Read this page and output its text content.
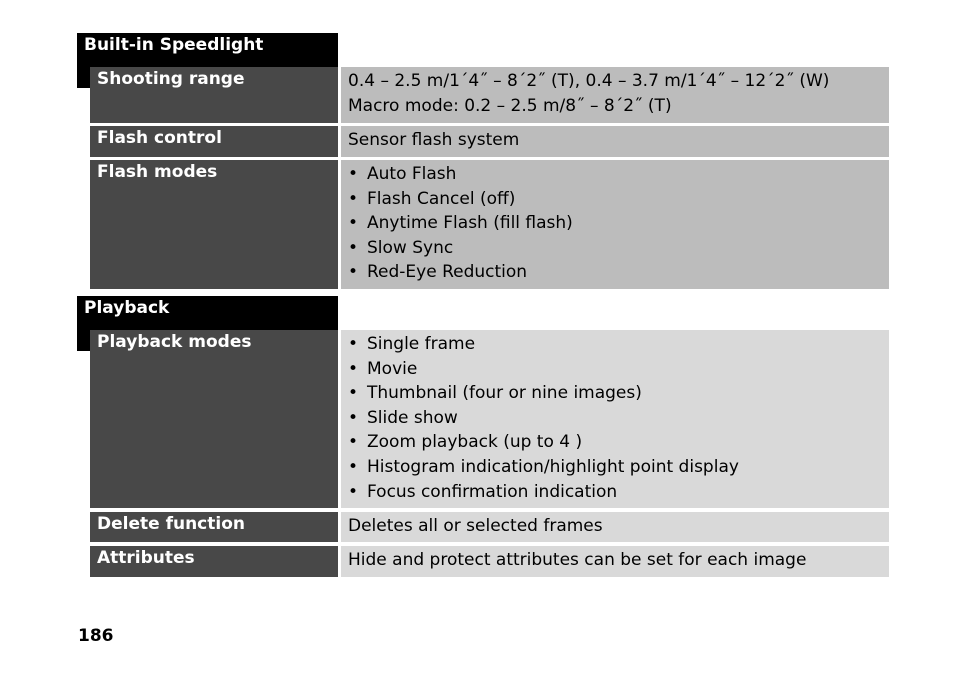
Built-in Speedlight
Shooting range	0.4 – 2.5 m/1´4˝ – 8´2˝ (T), 0.4 – 3.7 m/1´4˝ – 12´2˝ (W)
Macro mode: 0.2 – 2.5 m/8˝ – 8´2˝ (T)
Flash control	Sensor flash system
Flash modes	• Auto Flash
• Flash Cancel (off)
• Anytime Flash (fill flash)
• Slow Sync
• Red-Eye Reduction
Playback
Playback modes	• Single frame
• Movie
• Thumbnail (four or nine images)
• Slide show
• Zoom playback (up to 4 )
• Histogram indication/highlight point display
• Focus confirmation indication
Delete function	Deletes all or selected frames
Attributes	Hide and protect attributes can be set for each image
186
